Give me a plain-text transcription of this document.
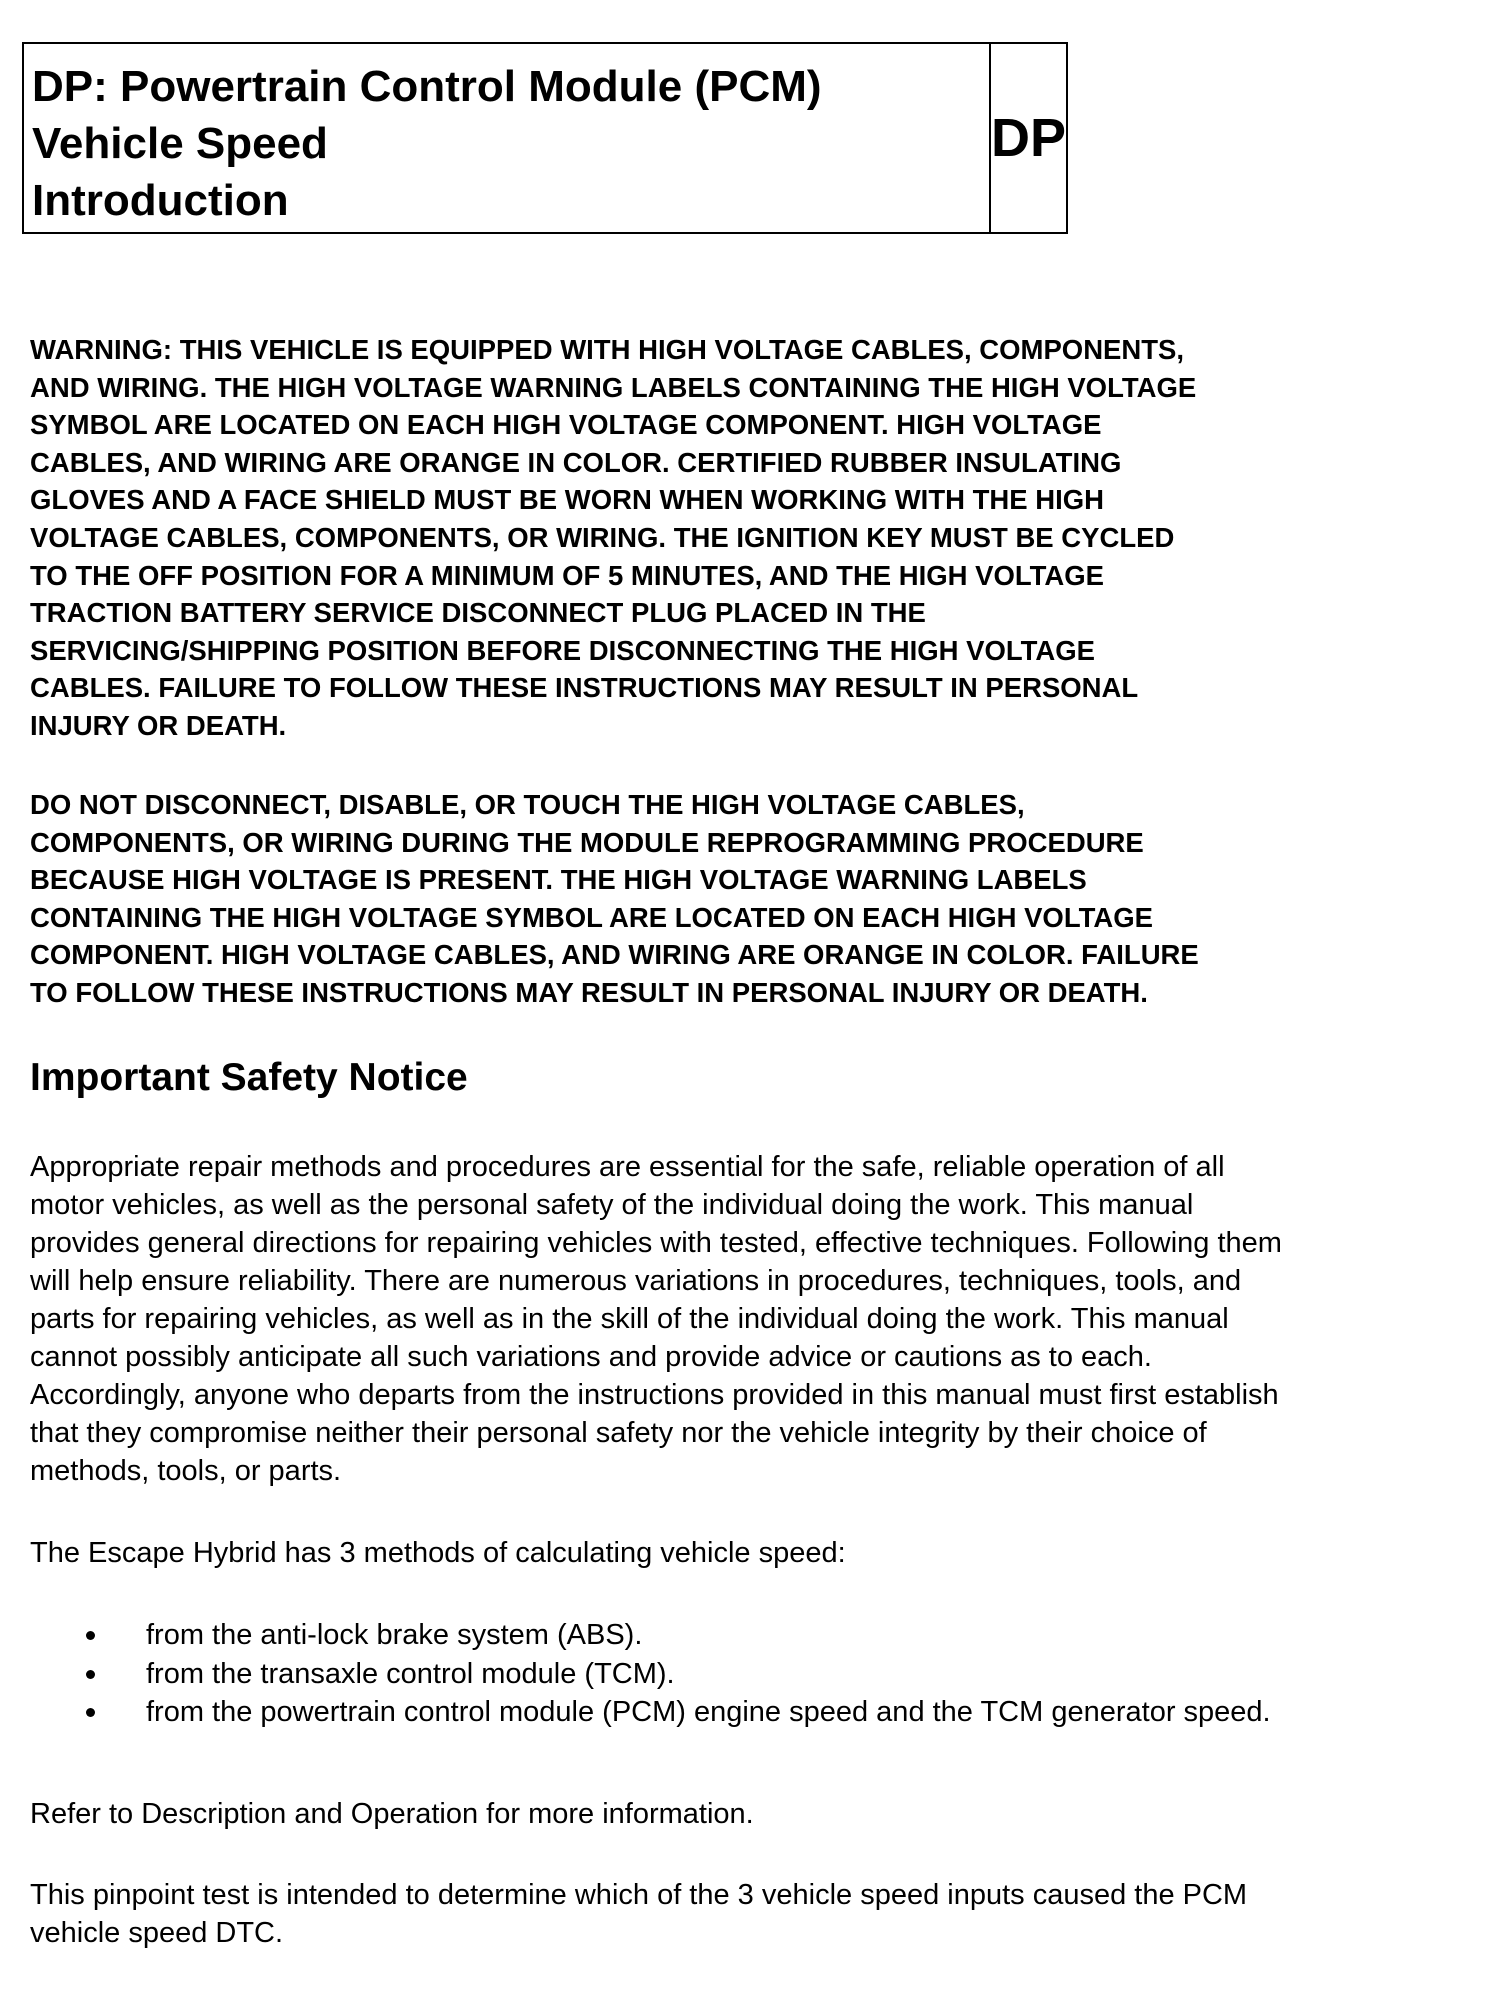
DP: Powertrain Control Module (PCM)
Vehicle Speed
Introduction
DP
WARNING: THIS VEHICLE IS EQUIPPED WITH HIGH VOLTAGE CABLES, COMPONENTS,
AND WIRING. THE HIGH VOLTAGE WARNING LABELS CONTAINING THE HIGH VOLTAGE
SYMBOL ARE LOCATED ON EACH HIGH VOLTAGE COMPONENT. HIGH VOLTAGE
CABLES, AND WIRING ARE ORANGE IN COLOR. CERTIFIED RUBBER INSULATING
GLOVES AND A FACE SHIELD MUST BE WORN WHEN WORKING WITH THE HIGH
VOLTAGE CABLES, COMPONENTS, OR WIRING. THE IGNITION KEY MUST BE CYCLED
TO THE OFF POSITION FOR A MINIMUM OF 5 MINUTES, AND THE HIGH VOLTAGE
TRACTION BATTERY SERVICE DISCONNECT PLUG PLACED IN THE
SERVICING/SHIPPING POSITION BEFORE DISCONNECTING THE HIGH VOLTAGE
CABLES. FAILURE TO FOLLOW THESE INSTRUCTIONS MAY RESULT IN PERSONAL
INJURY OR DEATH.
DO NOT DISCONNECT, DISABLE, OR TOUCH THE HIGH VOLTAGE CABLES,
COMPONENTS, OR WIRING DURING THE MODULE REPROGRAMMING PROCEDURE
BECAUSE HIGH VOLTAGE IS PRESENT. THE HIGH VOLTAGE WARNING LABELS
CONTAINING THE HIGH VOLTAGE SYMBOL ARE LOCATED ON EACH HIGH VOLTAGE
COMPONENT. HIGH VOLTAGE CABLES, AND WIRING ARE ORANGE IN COLOR. FAILURE
TO FOLLOW THESE INSTRUCTIONS MAY RESULT IN PERSONAL INJURY OR DEATH.
Important Safety Notice
Appropriate repair methods and procedures are essential for the safe, reliable operation of all
motor vehicles, as well as the personal safety of the individual doing the work. This manual
provides general directions for repairing vehicles with tested, effective techniques. Following them
will help ensure reliability. There are numerous variations in procedures, techniques, tools, and
parts for repairing vehicles, as well as in the skill of the individual doing the work. This manual
cannot possibly anticipate all such variations and provide advice or cautions as to each.
Accordingly, anyone who departs from the instructions provided in this manual must first establish
that they compromise neither their personal safety nor the vehicle integrity by their choice of
methods, tools, or parts.
The Escape Hybrid has 3 methods of calculating vehicle speed:
from the anti-lock brake system (ABS).
from the transaxle control module (TCM).
from the powertrain control module (PCM) engine speed and the TCM generator speed.
Refer to Description and Operation for more information.
This pinpoint test is intended to determine which of the 3 vehicle speed inputs caused the PCM
vehicle speed DTC.
